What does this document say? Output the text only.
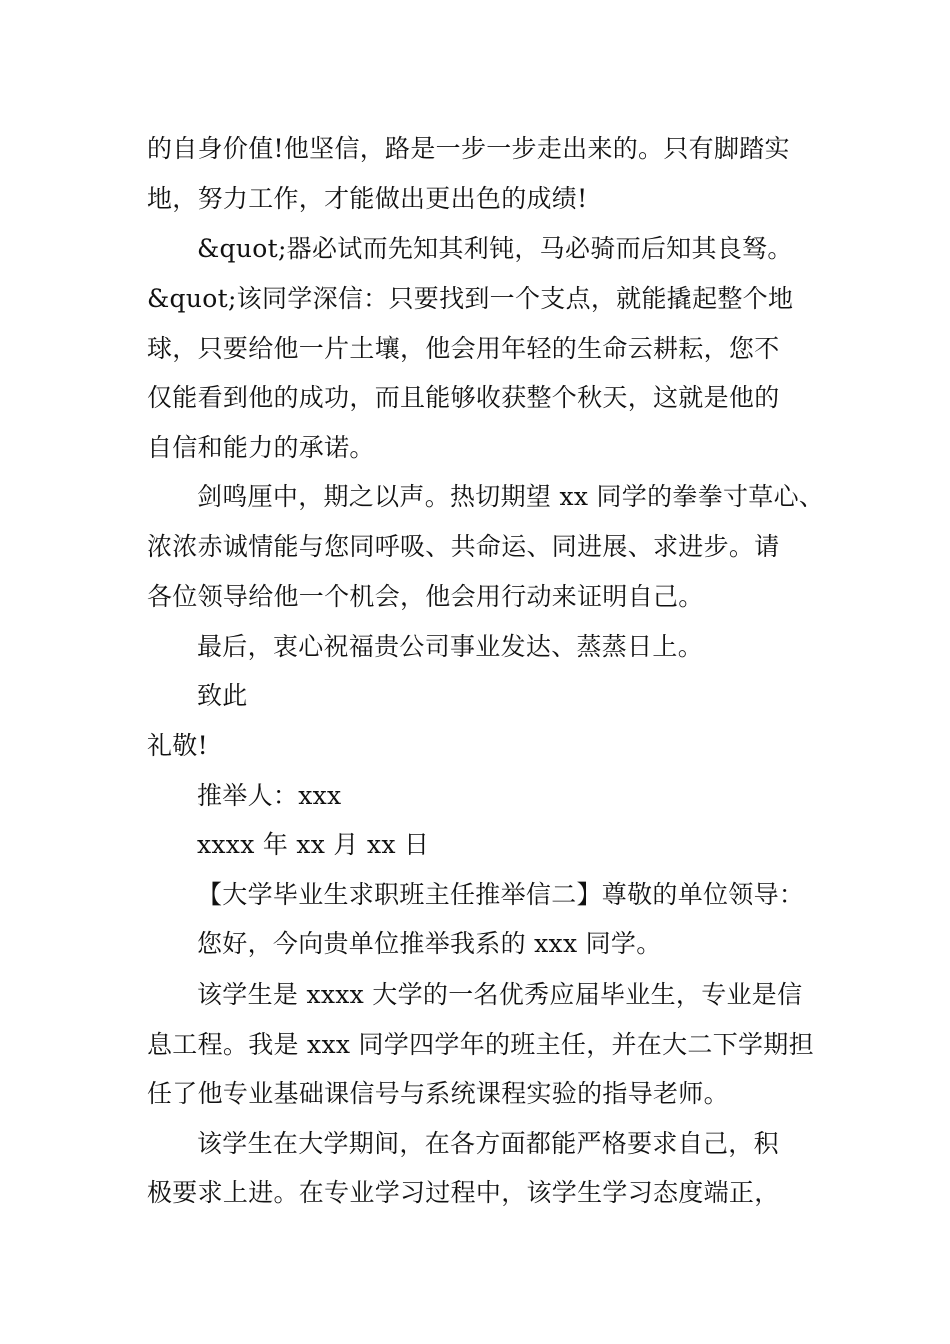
的自身价值!他坚信，路是一步一步走出来的。只有脚踏实
地，努力工作，才能做出更出色的成绩!
&quot;器必试而先知其利钝，马必骑而后知其良驽。
&quot;该同学深信：只要找到一个支点，就能撬起整个地
球，只要给他一片土壤，他会用年轻的生命云耕耘，您不
仅能看到他的成功，而且能够收获整个秋天，这就是他的
自信和能力的承诺。
剑鸣厘中，期之以声。热切期望 xx 同学的拳拳寸草心、
浓浓赤诚情能与您同呼吸、共命运、同进展、求进步。请
各位领导给他一个机会，他会用行动来证明自己。
最后，衷心祝福贵公司事业发达、蒸蒸日上。
致此
礼敬!
推举人：xxx
xxxx 年 xx 月 xx 日
【大学毕业生求职班主任推举信二】尊敬的单位领导：
您好，今向贵单位推举我系的 xxx 同学。
该学生是 xxxx 大学的一名优秀应届毕业生，专业是信
息工程。我是 xxx 同学四学年的班主任，并在大二下学期担
任了他专业基础课信号与系统课程实验的指导老师。
该学生在大学期间，在各方面都能严格要求自己，积
极要求上进。在专业学习过程中，该学生学习态度端正，
